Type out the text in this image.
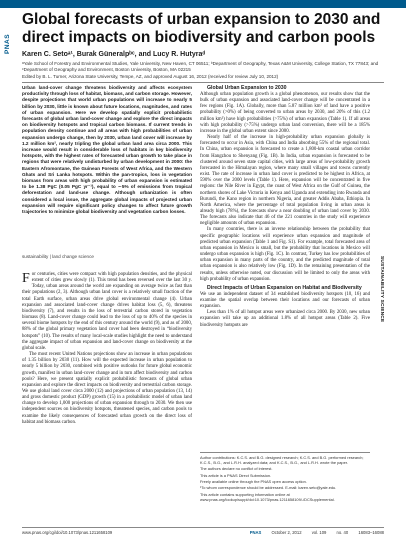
PNAS
Global forecasts of urban expansion to 2030 and direct impacts on biodiversity and carbon pools
Karen C. Setoᵃ¹, Burak Güneralpᵇᶜ, and Lucy R. Hutyraᵈ
ᵃYale School of Forestry and Environmental Studies, Yale University, New Haven, CT 06511; ᵇDepartment of Geography, Texas A&M University, College Station, TX 77843; and ᶜDepartment of Geography and Environment, Boston University, Boston, MA 02215
Edited by B. L. Turner, Arizona State University, Tempe, AZ, and approved August 16, 2012 (received for review July 10, 2012)
Urban land-cover change threatens biodiversity and affects ecosystem productivity through loss of habitat, biomass, and carbon storage. However, despite projections that world urban populations will increase to nearly 5 billion by 2030, little is known about future locations, magnitudes, and rates of urban expansion. Here we develop spatially explicit probabilistic forecasts of global urban land-cover change and explore the direct impacts on biodiversity hotspots and tropical carbon biomass. If current trends in population density continue and all areas with high probabilities of urban expansion undergo change, then by 2030, urban land cover will increase by 1.2 million km², nearly tripling the global urban land area circa 2000. This increase would result in considerable loss of habitats in key biodiversity hotspots, with the highest rates of forecasted urban growth to take place in regions that were relatively undisturbed by urban development in 2000: the Eastern Afromontane, the Guinean Forests of West Africa, and the Western Ghats and Sri Lanka hotspots. Within the pan-tropics, loss in vegetation biomass from areas with high probability of urban expansion is estimated to be 1.38 PgC (0.05 PgC yr⁻¹), equal to ∼5% of emissions from tropical deforestation and land-use change. Although urbanization is often considered a local issue, the aggregate global impacts of projected urban expansion will require significant policy changes to affect future growth trajectories to minimize global biodiversity and vegetation carbon losses.
sustainability | land change science

For centuries, cities were compact with high population densities, and the physical extent of cities grew slowly (1). This trend has been reversed over the last 30 y. Today, urban areas around the world are expanding on average twice as fast than their populations (2, 3). Although urban land cover is a relatively small fraction of the total Earth surface, urban areas drive global environmental change (4). Urban expansion and associated land-cover change drives habitat loss (5, 6), threatens biodiversity (7), and results in the loss of terrestrial carbon stored in vegetation biomass (8). Land-cover change could lead to the loss of up to 40% of the species in several biome hotspots by the end of this century around the world (9), and as of 2000, 88% of the global primary vegetation land cover had been destroyed in “biodiversity hotspots” (10). The results of many local-scale studies highlight the need to understand the aggregate impact of urban expansion and land-cover change on biodiversity at the global scale.

The most recent United Nations projections show an increase in urban populations of 1.35 billion by 2030 (11). How will the expected increase in urban population to nearly 5 billion by 2030, combined with positive outlooks for future global economic growth, manifest in urban land-cover change and in turn affect biodiversity and carbon pools? Here, we present spatially explicit probabilistic forecasts of global urban expansion and explore the direct impacts on biodiversity and terrestrial carbon storage. We use global land cover circa 2000 (12) and projections of urban population (13, 14) and gross domestic product (GDP) growth (15) in a probabilistic model of urban land change to develop 1,000 projections of urban expansion through to 2030. We then use independent sources on biodiversity hotspots, threatened species, and carbon pools to examine the likely consequences of forecasted urban growth on the direct loss of habitat and biomass carbon.

Global Urban Expansion to 2030

Although urban population growth is a global phenomenon, our results show that the bulk of urban expansion and associated land-cover change will be concentrated in a few regions (Fig. 1A). Globally, more than 5.87 million km² of land have a positive probability (>0%) of being converted to urban areas by 2030, and 20% of this (1.2 million km²) have high probabilities (>75%) of urban expansion (Table 1). If all areas with high probability (>75%) undergo urban land conversion, there will be a 185% increase in the global urban extent since 2000.

Nearly half of the increase in high-probability urban expansion globally is forecasted to occur in Asia, with China and India absorbing 55% of the regional total. In China, urban expansion is forecasted to create a 1,800-km coastal urban corridor from Hangzhou to Shenyang (Fig. 1B). In India, urban expansion is forecasted to be clustered around seven state capital cities, with large areas of low-probability growth forecasted in the Himalayan region, where many small villages and towns currently exist. The rate of increase in urban land cover is predicted to be highest in Africa, at 590% over the 2000 levels (Table 1). Here, expansion will be concentrated in five regions: the Nile River in Egypt, the coast of West Africa on the Gulf of Guinea, the northern shores of Lake Victoria in Kenya and Uganda and extending into Rwanda and Burundi, the Kano region in northern Nigeria, and greater Addis Ababa, Ethiopia. In North America, where the percentage of total population living in urban areas is already high (78%), the forecasts show a near doubling of urban land cover by 2030. The forecasts also indicate that 46 of the 221 countries in the study will experience negligible amounts of urban expansion.

In many countries, there is an inverse relationship between the probability that specific geographic locations will experience urban expansion and magnitude of predicted urban expansion (Table 1 and Fig. S1). For example, total forecasted area of urban expansion in Mexico is small, but the probability that locations in Mexico will undergo urban expansion is high (Fig. 1C). In contrast, Turkey has low probabilities of urban expansion in many parts of the country, and the predicted magnitude of total urban expansion is also relatively low (Fig. 1D). In the remaining presentation of the results, unless otherwise noted, our discussion will be limited to only the areas with high probability of urban expansion.

Direct Impacts of Urban Expansion on Habitat and Biodiversity

We use an independent dataset of 34 established biodiversity hotspots (10, 16) and examine the spatial overlap between their locations and our forecasts of urban expansion.

Less than 1% of all hotspot areas were urbanized circa 2000. By 2030, new urban expansion will take up an additional 1.8% of all hotspot areas (Table 2). Five biodiversity hotspots are

Author contributions: K.C.S. and B.G. designed research; K.C.S. and B.G. performed research; K.C.S., B.G., and L.R.H. analyzed data; and K.C.S., B.G., and L.R.H. wrote the paper.
The authors declare no conflict of interest.
This article is a PNAS Direct Submission.
Freely available online through the PNAS open access option.
¹To whom correspondence should be addressed. E-mail: karen.seto@yale.edu.
This article contains supporting information online at www.pnas.org/lookup/suppl/doi:10.1073/pnas.1211658109/-/DCSupplemental.
SUSTAINABILITY SCIENCE
www.pnas.org/cgi/doi/10.1073/pnas.1211658109	PNAS October 2, 2012 vol. 109 no. 40 16083–16088
